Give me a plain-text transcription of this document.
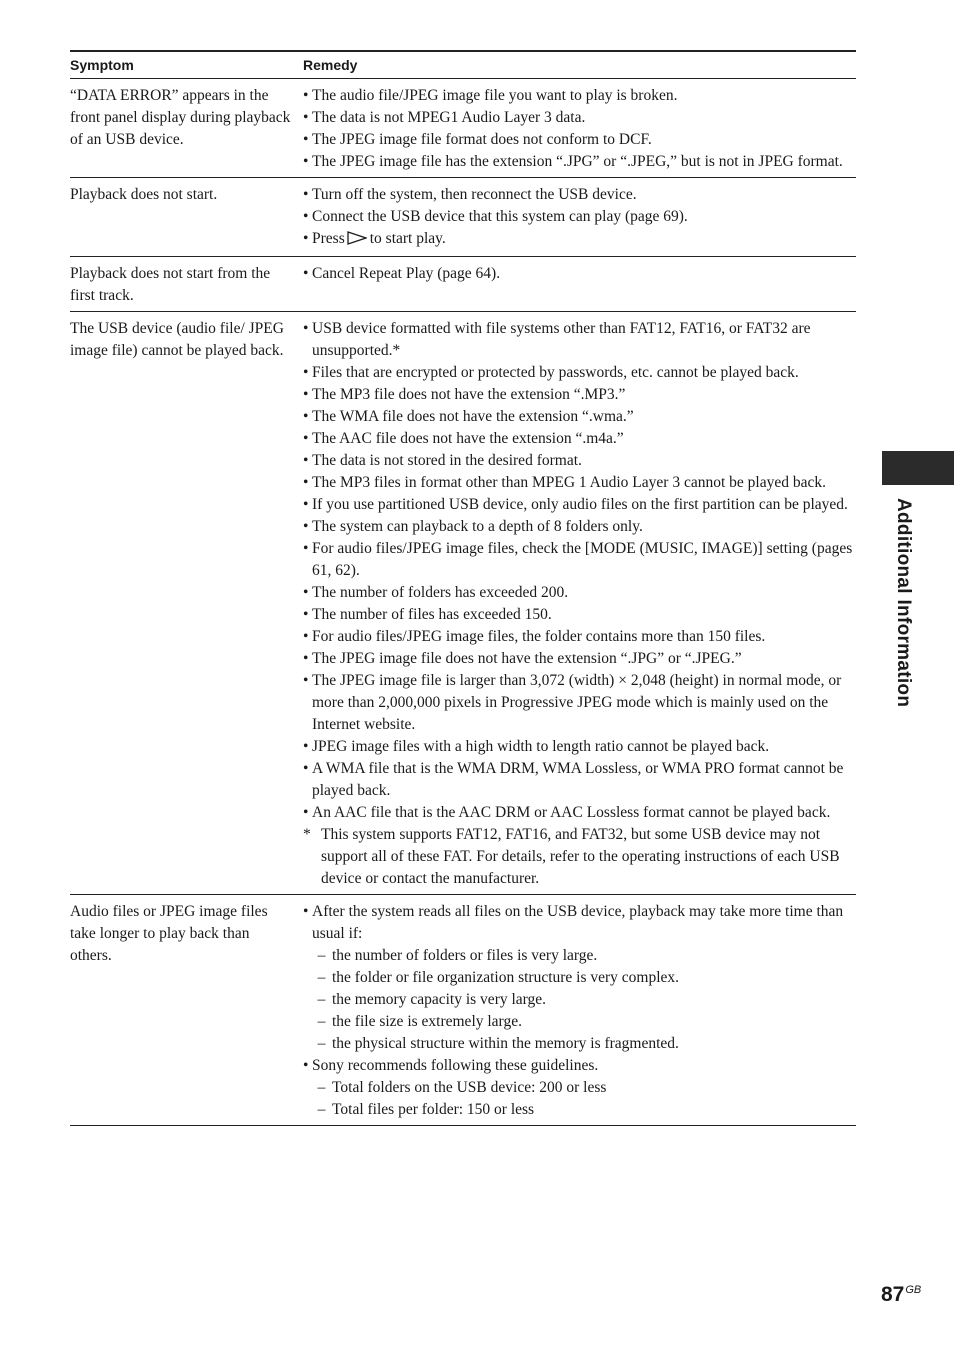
Symptom	Remedy
“DATA ERROR” appears in the front panel display during playback of an USB device.
• The audio file/JPEG image file you want to play is broken.
• The data is not MPEG1 Audio Layer 3 data.
• The JPEG image file format does not conform to DCF.
• The JPEG image file has the extension “.JPG” or “.JPEG,” but is not in JPEG format.
Playback does not start.	• Turn off the system, then reconnect the USB device.
• Connect the USB device that this system can play (page 69).
• Press to start play.
Playback does not start from the first track.
• Cancel Repeat Play (page 64).
The USB device (audio file/ JPEG image file) cannot be played back.
• USB device formatted with file systems other than FAT12, FAT16, or FAT32 are unsupported.*
• Files that are encrypted or protected by passwords, etc. cannot be played back.
• The MP3 file does not have the extension “.MP3.”
• The WMA file does not have the extension “.wma.”
• The AAC file does not have the extension “.m4a.”
• The data is not stored in the desired format.
• The MP3 files in format other than MPEG 1 Audio Layer 3 cannot be played back.
• If you use partitioned USB device, only audio files on the first partition can be played.
• The system can playback to a depth of 8 folders only.
• For audio files/JPEG image files, check the [MODE (MUSIC, IMAGE)] setting (pages 61, 62).
• The number of folders has exceeded 200.
• The number of files has exceeded 150.
• For audio files/JPEG image files, the folder contains more than 150 files.
• The JPEG image file does not have the extension “.JPG” or “.JPEG.”
• The JPEG image file is larger than 3,072 (width) × 2,048 (height) in normal mode, or more than 2,000,000 pixels in Progressive JPEG mode which is mainly used on the Internet website.
• JPEG image files with a high width to length ratio cannot be played back.
• A WMA file that is the WMA DRM, WMA Lossless, or WMA PRO format cannot be played back.
• An AAC file that is the AAC DRM or AAC Lossless format cannot be played back.
* This system supports FAT12, FAT16, and FAT32, but some USB device may not support all of these FAT. For details, refer to the operating instructions of each USB device or contact the manufacturer.
Audio files or JPEG image files take longer to play back than others.
• After the system reads all files on the USB device, playback may take more time than usual if:
– the number of folders or files is very large.
– the folder or file organization structure is very complex.
– the memory capacity is very large.
– the file size is extremely large.
– the physical structure within the memory is fragmented.
• Sony recommends following these guidelines.
– Total folders on the USB device: 200 or less
– Total files per folder: 150 or less
Additional Information
$87^{GB}$
